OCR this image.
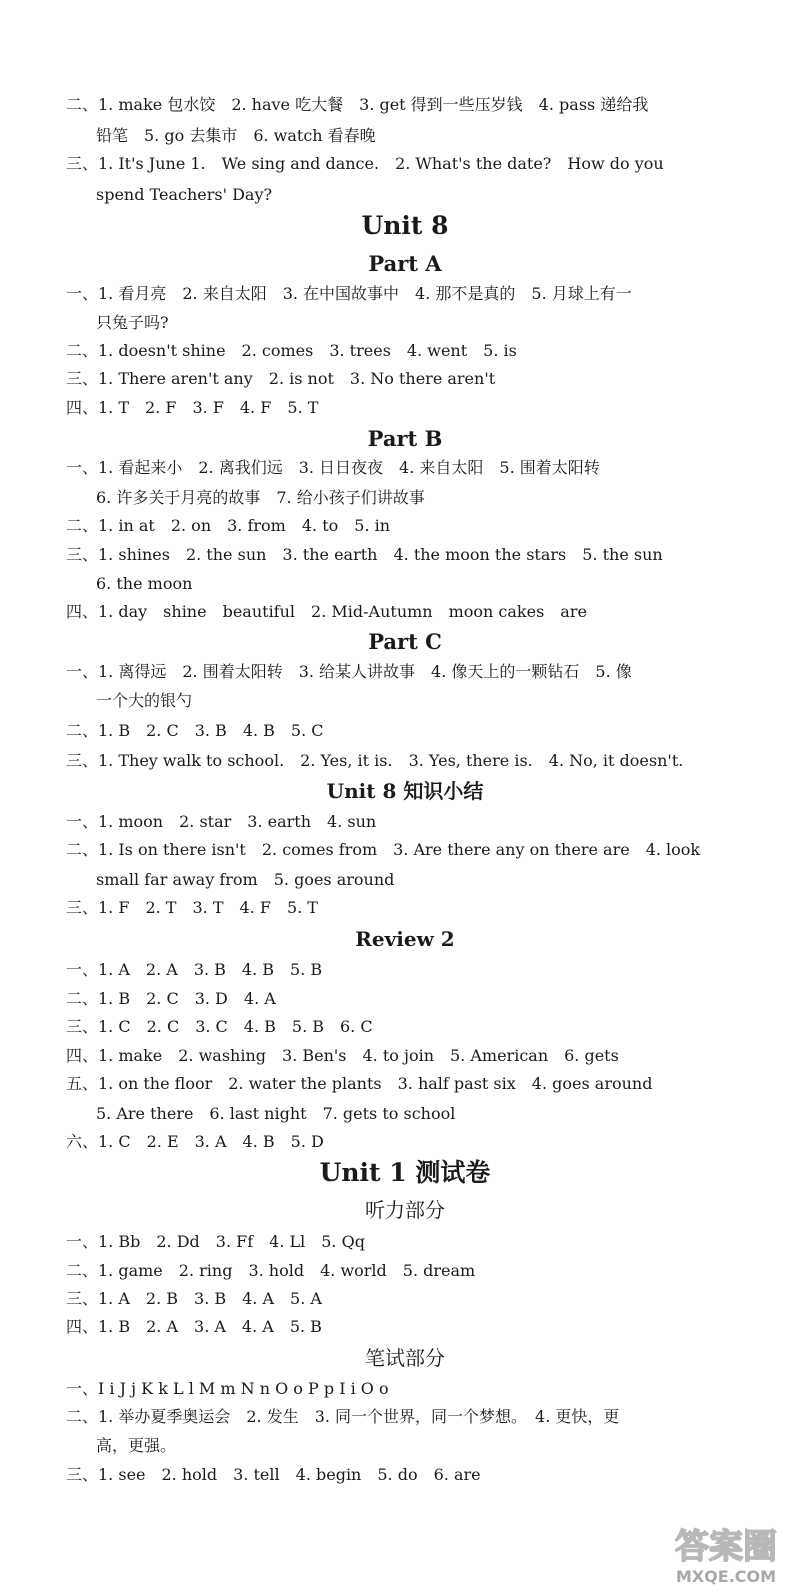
二、1. make 包水饺　2. have 吃大餐　3. get 得到一些压岁钱　4. pass 递给我
铅笔　5. go 去集市　6. watch 看春晚
三、1. It's June 1.　We sing and dance.　2. What's the date?　How do you
spend Teachers' Day?
Unit 8
Part A
一、1. 看月亮　2. 来自太阳　3. 在中国故事中　4. 那不是真的　5. 月球上有一
只兔子吗?
二、1. doesn't shine　2. comes　3. trees　4. went　5. is
三、1. There aren't any　2. is not　3. No there aren't
四、1. T　2. F　3. F　4. F　5. T
Part B
一、1. 看起来小　2. 离我们远　3. 日日夜夜　4. 来自太阳　5. 围着太阳转
6. 许多关于月亮的故事　7. 给小孩子们讲故事
二、1. in at　2. on　3. from　4. to　5. in
三、1. shines　2. the sun　3. the earth　4. the moon the stars　5. the sun
6. the moon
四、1. day　shine　beautiful　2. Mid-Autumn　moon cakes　are
Part C
一、1. 离得远　2. 围着太阳转　3. 给某人讲故事　4. 像天上的一颗钻石　5. 像
一个大的银勺
二、1. B　2. C　3. B　4. B　5. C
三、1. They walk to school.　2. Yes, it is.　3. Yes, there is.　4. No, it doesn't.
Unit 8 知识小结
一、1. moon　2. star　3. earth　4. sun
二、1. Is on there isn't　2. comes from　3. Are there any on there are　4. look
small far away from　5. goes around
三、1. F　2. T　3. T　4. F　5. T
Review 2
一、1. A　2. A　3. B　4. B　5. B
二、1. B　2. C　3. D　4. A
三、1. C　2. C　3. C　4. B　5. B　6. C
四、1. make　2. washing　3. Ben's　4. to join　5. American　6. gets
五、1. on the floor　2. water the plants　3. half past six　4. goes around
5. Are there　6. last night　7. gets to school
六、1. C　2. E　3. A　4. B　5. D
Unit 1 测试卷
听力部分
一、1. Bb　2. Dd　3. Ff　4. Ll　5. Qq
二、1. game　2. ring　3. hold　4. world　5. dream
三、1. A　2. B　3. B　4. A　5. A
四、1. B　2. A　3. A　4. A　5. B
笔试部分
一、I i J j K k L l M m N n O o P p I i O o
二、1. 举办夏季奥运会　2. 发生　3. 同一个世界，同一个梦想。　4. 更快，更
高，更强。
三、1. see　2. hold　3. tell　4. begin　5. do　6. are
答案圈
MXQE.COM
